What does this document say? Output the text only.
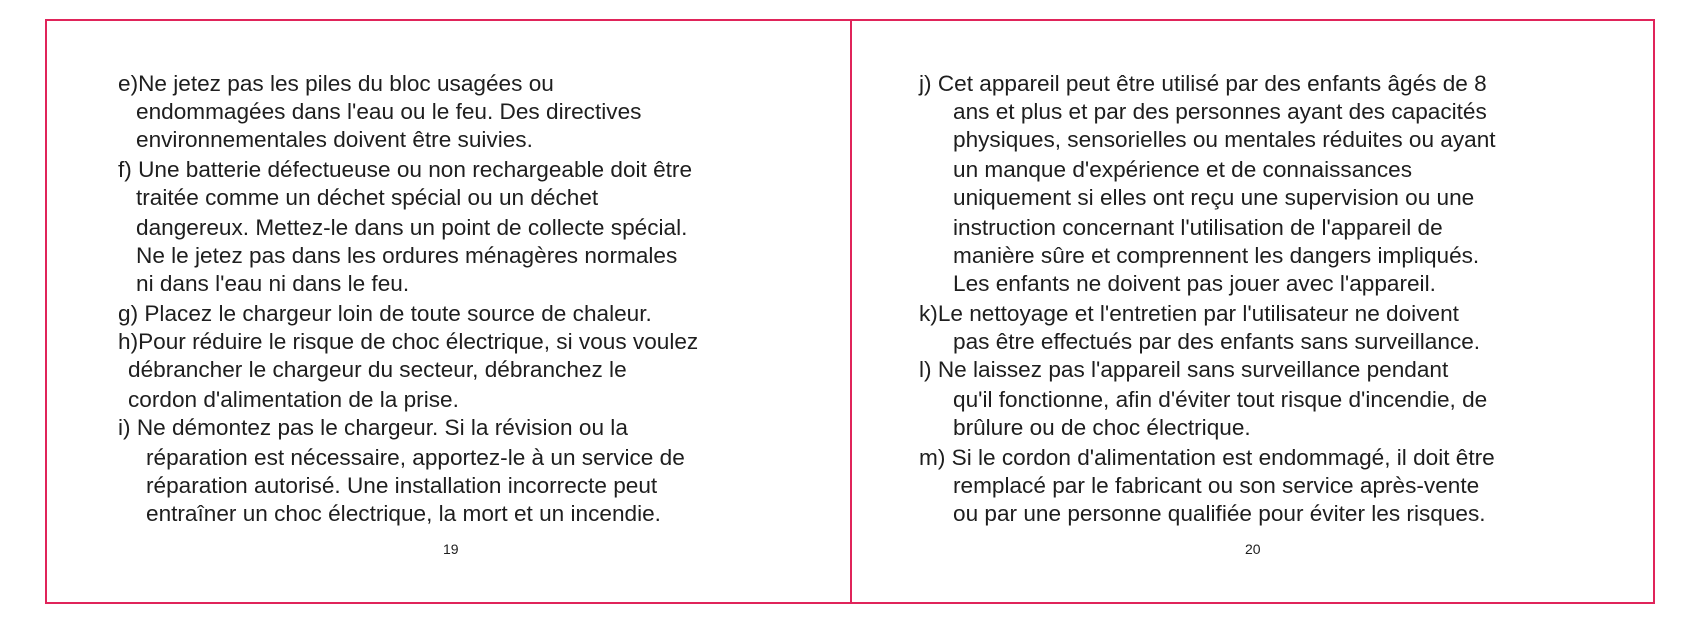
e)Ne jetez pas les piles du bloc usagées ou
endommagées dans l'eau ou le feu. Des directives
environnementales doivent être suivies.
f) Une batterie défectueuse ou non rechargeable doit être
traitée comme un déchet spécial ou un déchet
dangereux. Mettez-le dans un point de collecte spécial.
Ne le jetez pas dans les ordures ménagères normales
ni dans l'eau ni dans le feu.
g) Placez le chargeur loin de toute source de chaleur.
h)Pour réduire le risque de choc électrique, si vous voulez
débrancher le chargeur du secteur, débranchez le
cordon d'alimentation de la prise.
i) Ne démontez pas le chargeur. Si la révision ou la
réparation est nécessaire, apportez-le à un service de
réparation autorisé. Une installation incorrecte peut
entraîner un choc électrique, la mort et un incendie.
19
j) Cet appareil peut être utilisé par des enfants âgés de 8
ans et plus et par des personnes ayant des capacités
physiques, sensorielles ou mentales réduites ou ayant
un manque d'expérience et de connaissances
uniquement si elles ont reçu une supervision ou une
instruction concernant l'utilisation de l'appareil de
manière sûre et comprennent les dangers impliqués.
Les enfants ne doivent pas jouer avec l'appareil.
k)Le nettoyage et l'entretien par l'utilisateur ne doivent
pas être effectués par des enfants sans surveillance.
l) Ne laissez pas l'appareil sans surveillance pendant
qu'il fonctionne, afin d'éviter tout risque d'incendie, de
brûlure ou de choc électrique.
m) Si le cordon d'alimentation est endommagé, il doit être
remplacé par le fabricant ou son service après-vente
ou par une personne qualifiée pour éviter les risques.
20
